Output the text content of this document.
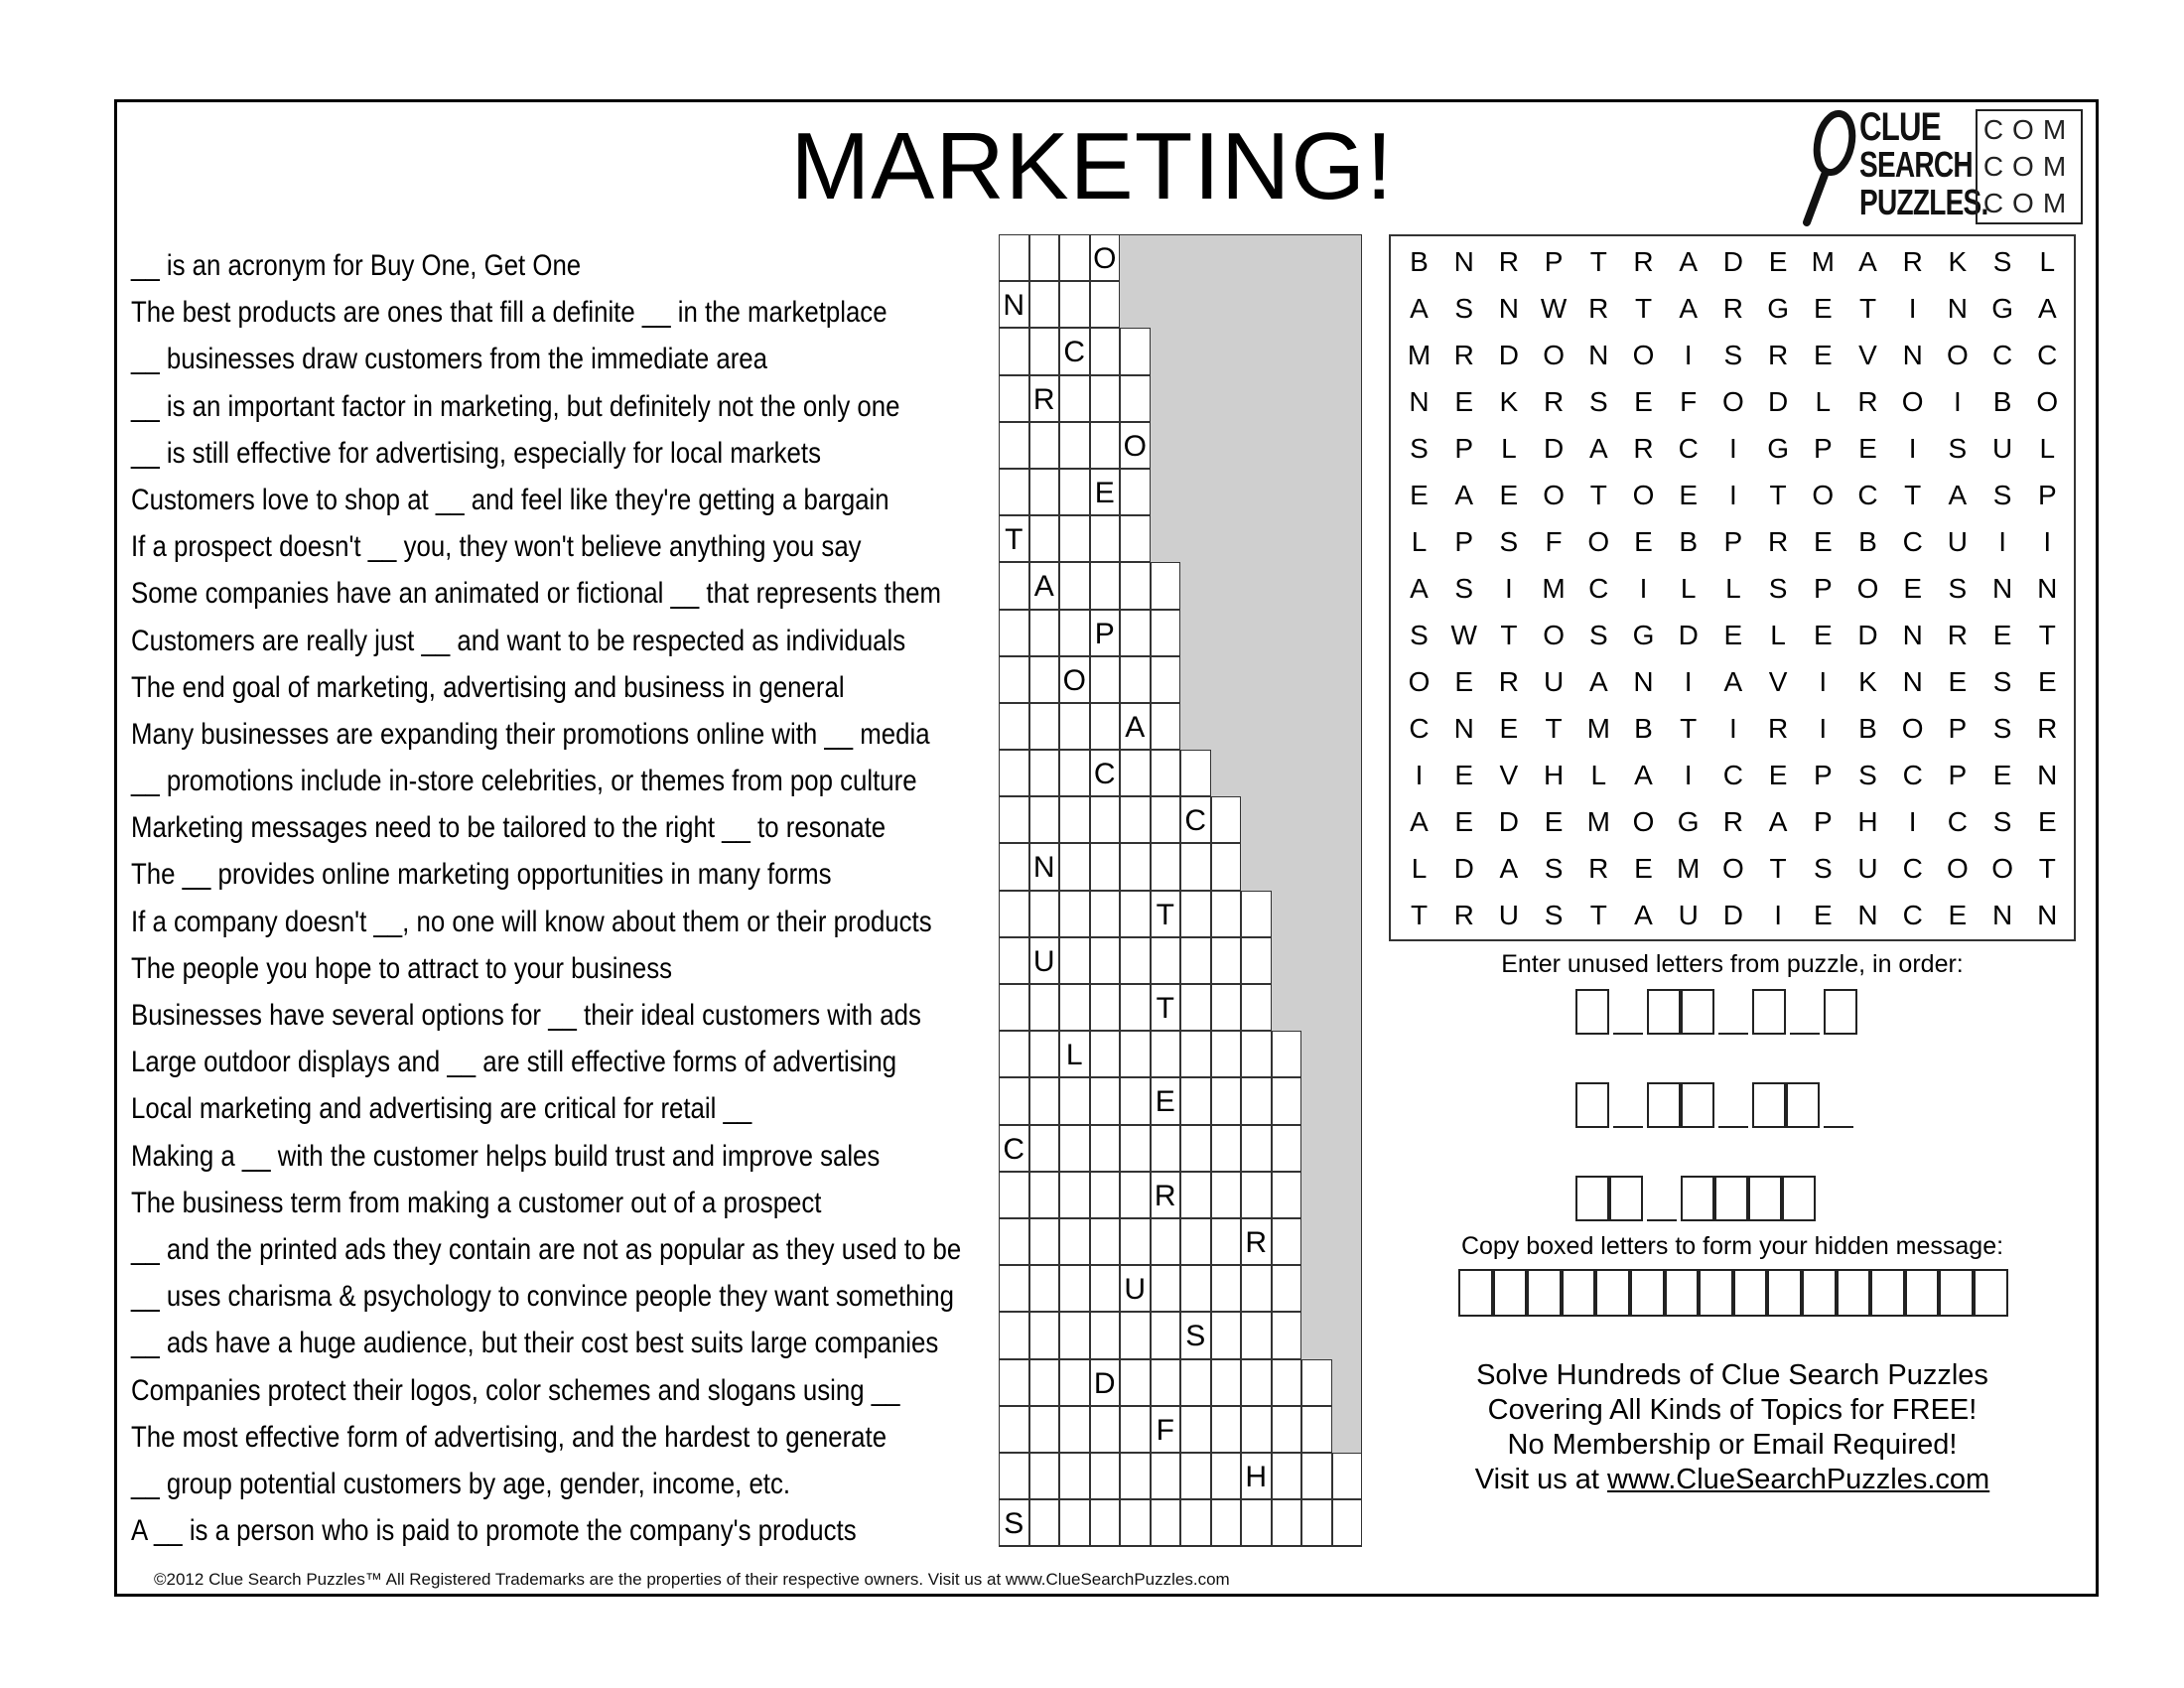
MARKETING!	CLUE
SEARCH
PUZZLES.
COM
COM
COM
__ is an acronym for Buy One, Get One
The best products are ones that fill a definite __ in the marketplace
__ businesses draw customers from the immediate area
__ is an important factor in marketing, but definitely not the only one
__ is still effective for advertising, especially for local markets
Customers love to shop at __ and feel like they're getting a bargain
If a prospect doesn't __ you, they won't believe anything you say
Some companies have an animated or fictional __ that represents them
Customers are really just __ and want to be respected as individuals
The end goal of marketing, advertising and business in general
Many businesses are expanding their promotions online with __ media
__ promotions include in-store celebrities, or themes from pop culture
Marketing messages need to be tailored to the right __ to resonate
The __ provides online marketing opportunities in many forms
If a company doesn't __, no one will know about them or their products
The people you hope to attract to your business
Businesses have several options for __ their ideal customers with ads
Large outdoor displays and __ are still effective forms of advertising
Local marketing and advertising are critical for retail __
Making a __ with the customer helps build trust and improve sales
The business term from making a customer out of a prospect
__ and the printed ads they contain are not as popular as they used to be
__ uses charisma & psychology to convince people they want something
__ ads have a huge audience, but their cost best suits large companies
Companies protect their logos, color schemes and slogans using __
The most effective form of advertising, and the hardest to generate
__ group potential customers by age, gender, income, etc.
A __ is a person who is paid to promote the company's products
O
N
C
R
O
E
T
A
P
O
A
C
C
N
T
U
T
L
E
C
R
R
U
S
D
F
H
S
B N R P T R A D E M A R K S	L
A S N W R T A R G E T	I	N G A
M R D O N O	I	S R E V N O C C
N E K R S E F O D L R O	I	B O
S P	L D A R C	I	G P E	I	S U L
E A E O T O E	I	T O C T A S P
L	P S F O E B P R E B C U	I	I
A S	I	M C	I	L	L	S P O E S N N
S W T O S G D E	L	E D N R E T
O E R U A N	I	A V	I	K N E S E
C N E T M B T	I	R	I	B O P S R
I	E V H L	A	I	C E P S C P E N
A E D E M O G R A P H	I	C S E
L D A S R E M O T S U C O O T
T R U S T A U D	I	E N C E N N
Enter unused letters from puzzle, in order:
Copy boxed letters to form your hidden message:
Solve Hundreds of Clue Search Puzzles
Covering All Kinds of Topics for FREE!
No Membership or Email Required!
Visit us at www.ClueSearchPuzzles.com
©2012 Clue Search Puzzles™ All Registered Trademarks are the properties of their respective owners. Visit us at www.ClueSearchPuzzles.com
